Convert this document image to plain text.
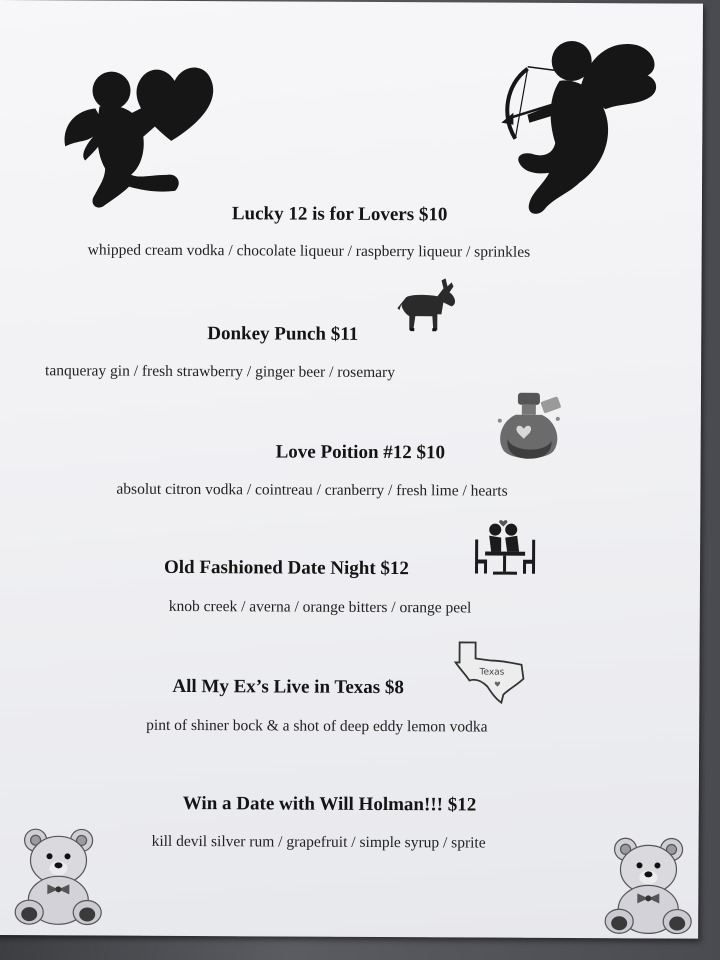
Lucky 12 is for Lovers $10
whipped cream vodka / chocolate liqueur / raspberry liqueur / sprinkles
Donkey Punch $11
tanqueray gin / fresh strawberry / ginger beer / rosemary
Love Poition #12 $10
absolut citron vodka / cointreau / cranberry / fresh lime / hearts
Old Fashioned Date Night $12
knob creek / averna / orange bitters / orange peel
Texas
All My Ex’s Live in Texas $8
pint of shiner bock & a shot of deep eddy lemon vodka
Win a Date with Will Holman!!! $12
kill devil silver rum / grapefruit / simple syrup / sprite
